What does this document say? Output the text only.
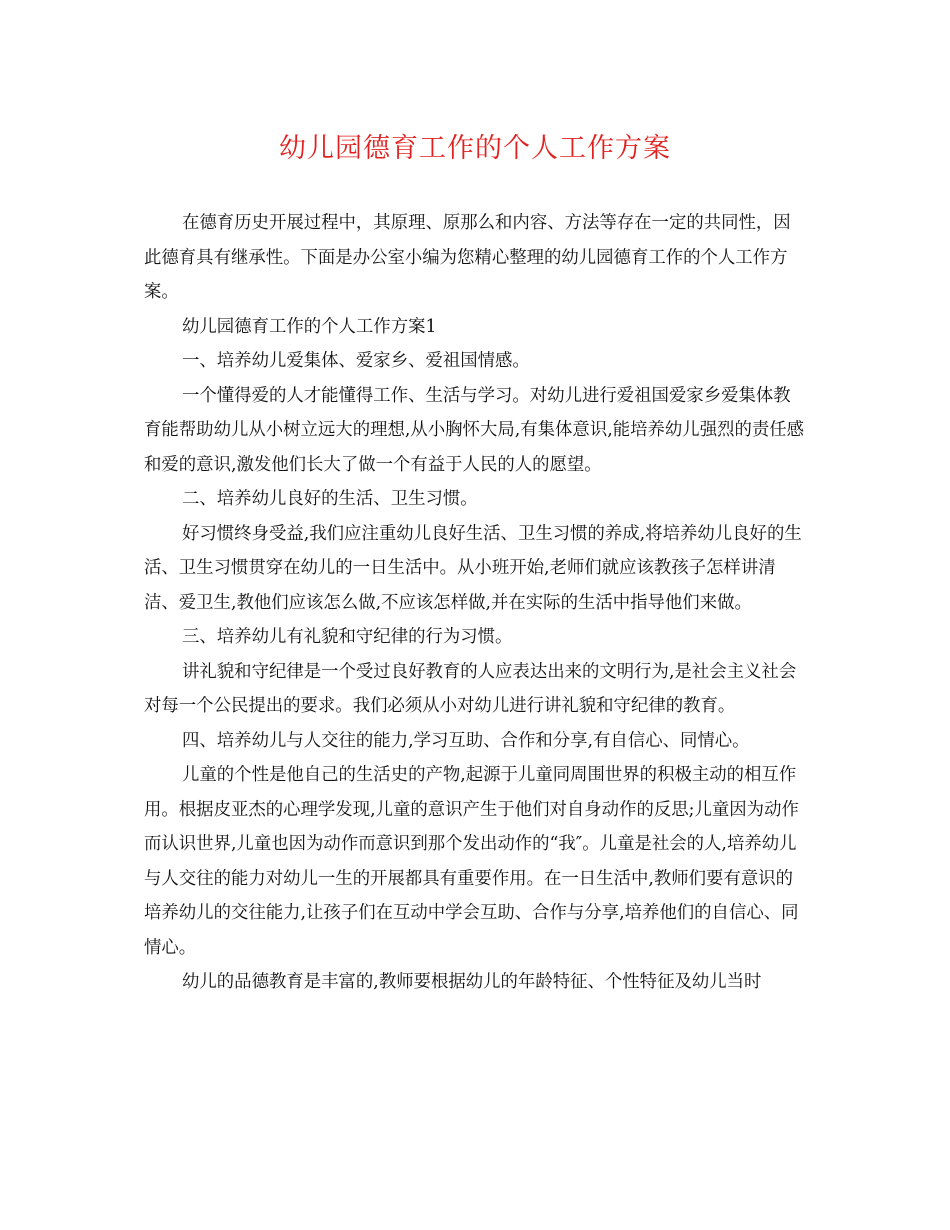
幼儿园德育工作的个人工作方案

在德育历史开展过程中，其原理、原那么和内容、方法等存在一定的共同性，因此德育具有继承性。下面是办公室小编为您精心整理的幼儿园德育工作的个人工作方案。

幼儿园德育工作的个人工作方案1

一、培养幼儿爱集体、爱家乡、爱祖国情感。

一个懂得爱的人才能懂得工作、生活与学习。对幼儿进行爱祖国爱家乡爱集体教育能帮助幼儿从小树立远大的理想,从小胸怀大局,有集体意识,能培养幼儿强烈的责任感和爱的意识,激发他们长大了做一个有益于人民的人的愿望。

二、培养幼儿良好的生活、卫生习惯。

好习惯终身受益,我们应注重幼儿良好生活、卫生习惯的养成,将培养幼儿良好的生活、卫生习惯贯穿在幼儿的一日生活中。从小班开始,老师们就应该教孩子怎样讲清洁、爱卫生,教他们应该怎么做,不应该怎样做,并在实际的生活中指导他们来做。

三、培养幼儿有礼貌和守纪律的行为习惯。

讲礼貌和守纪律是一个受过良好教育的人应表达出来的文明行为,是社会主义社会对每一个公民提出的要求。我们必须从小对幼儿进行讲礼貌和守纪律的教育。

四、培养幼儿与人交往的能力,学习互助、合作和分享,有自信心、同情心。

儿童的个性是他自己的生活史的产物,起源于儿童同周围世界的积极主动的相互作用。根据皮亚杰的心理学发现,儿童的意识产生于他们对自身动作的反思;儿童因为动作而认识世界,儿童也因为动作而意识到那个发出动作的“我″。儿童是社会的人,培养幼儿与人交往的能力对幼儿一生的开展都具有重要作用。在一日生活中,教师们要有意识的培养幼儿的交往能力,让孩子们在互动中学会互助、合作与分享,培养他们的自信心、同情心。

幼儿的品德教育是丰富的,教师要根据幼儿的年龄特征、个性特征及幼儿当时
